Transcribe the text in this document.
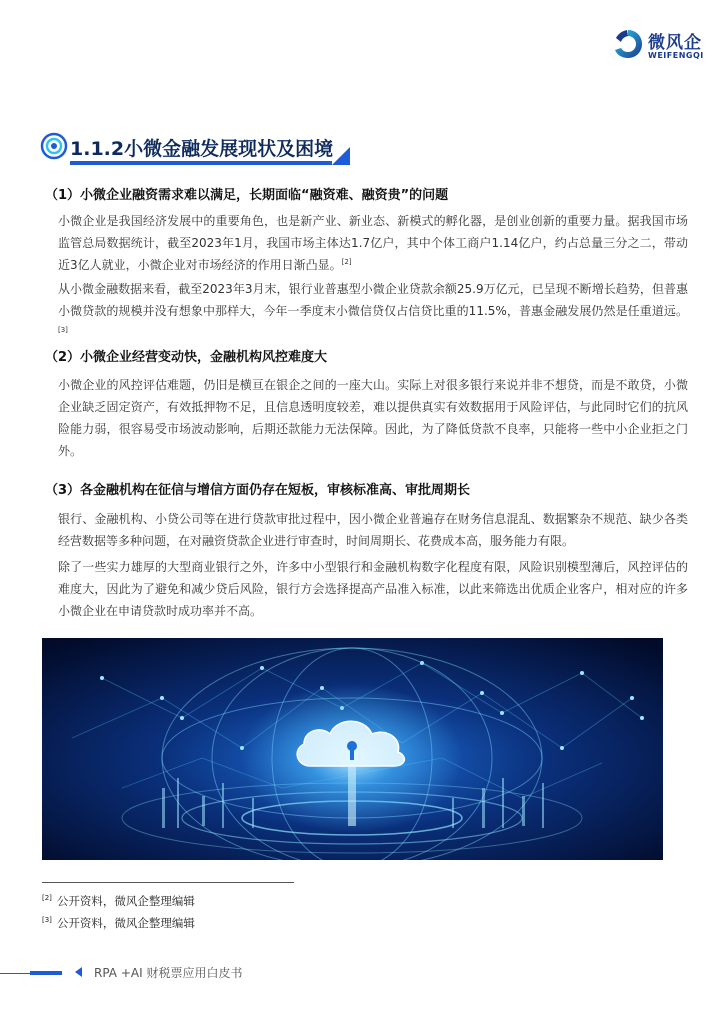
微风企
WEIFENGQI
1.1.2小微金融发展现状及困境
（1）小微企业融资需求难以满足，长期面临“融资难、融资贵”的问题
小微企业是我国经济发展中的重要角色，也是新产业、新业态、新模式的孵化器，是创业创新的重要力量。据我国市场监管总局数据统计，截至2023年1月，我国市场主体达1.7亿户，其中个体工商户1.14亿户，约占总量三分之二，带动近3亿人就业，小微企业对市场经济的作用日渐凸显。[2]
从小微金融数据来看，截至2023年3月末，银行业普惠型小微企业贷款余额25.9万亿元，已呈现不断增长趋势，但普惠小微贷款的规模并没有想象中那样大，今年一季度末小微信贷仅占信贷比重的11.5%，普惠金融发展仍然是任重道远。[3]
（2）小微企业经营变动快，金融机构风控难度大
小微企业的风控评估难题，仍旧是横亘在银企之间的一座大山。实际上对很多银行来说并非不想贷，而是不敢贷，小微企业缺乏固定资产，有效抵押物不足，且信息透明度较差，难以提供真实有效数据用于风险评估，与此同时它们的抗风险能力弱，很容易受市场波动影响，后期还款能力无法保障。因此，为了降低贷款不良率，只能将一些中小企业拒之门外。
（3）各金融机构在征信与增信方面仍存在短板，审核标准高、审批周期长
银行、金融机构、小贷公司等在进行贷款审批过程中，因小微企业普遍存在财务信息混乱、数据繁杂不规范、缺少各类经营数据等多种问题，在对融资贷款企业进行审查时，时间周期长、花费成本高，服务能力有限。
除了一些实力雄厚的大型商业银行之外，许多中小型银行和金融机构数字化程度有限，风险识别模型薄后，风控评估的难度大，因此为了避免和减少贷后风险，银行方会选择提高产品准入标准，以此来筛选出优质企业客户，相对应的许多小微企业在申请贷款时成功率并不高。
[2] 公开资料，微风企整理编辑
[3] 公开资料，微风企整理编辑
RPA +AI 财税票应用白皮书
